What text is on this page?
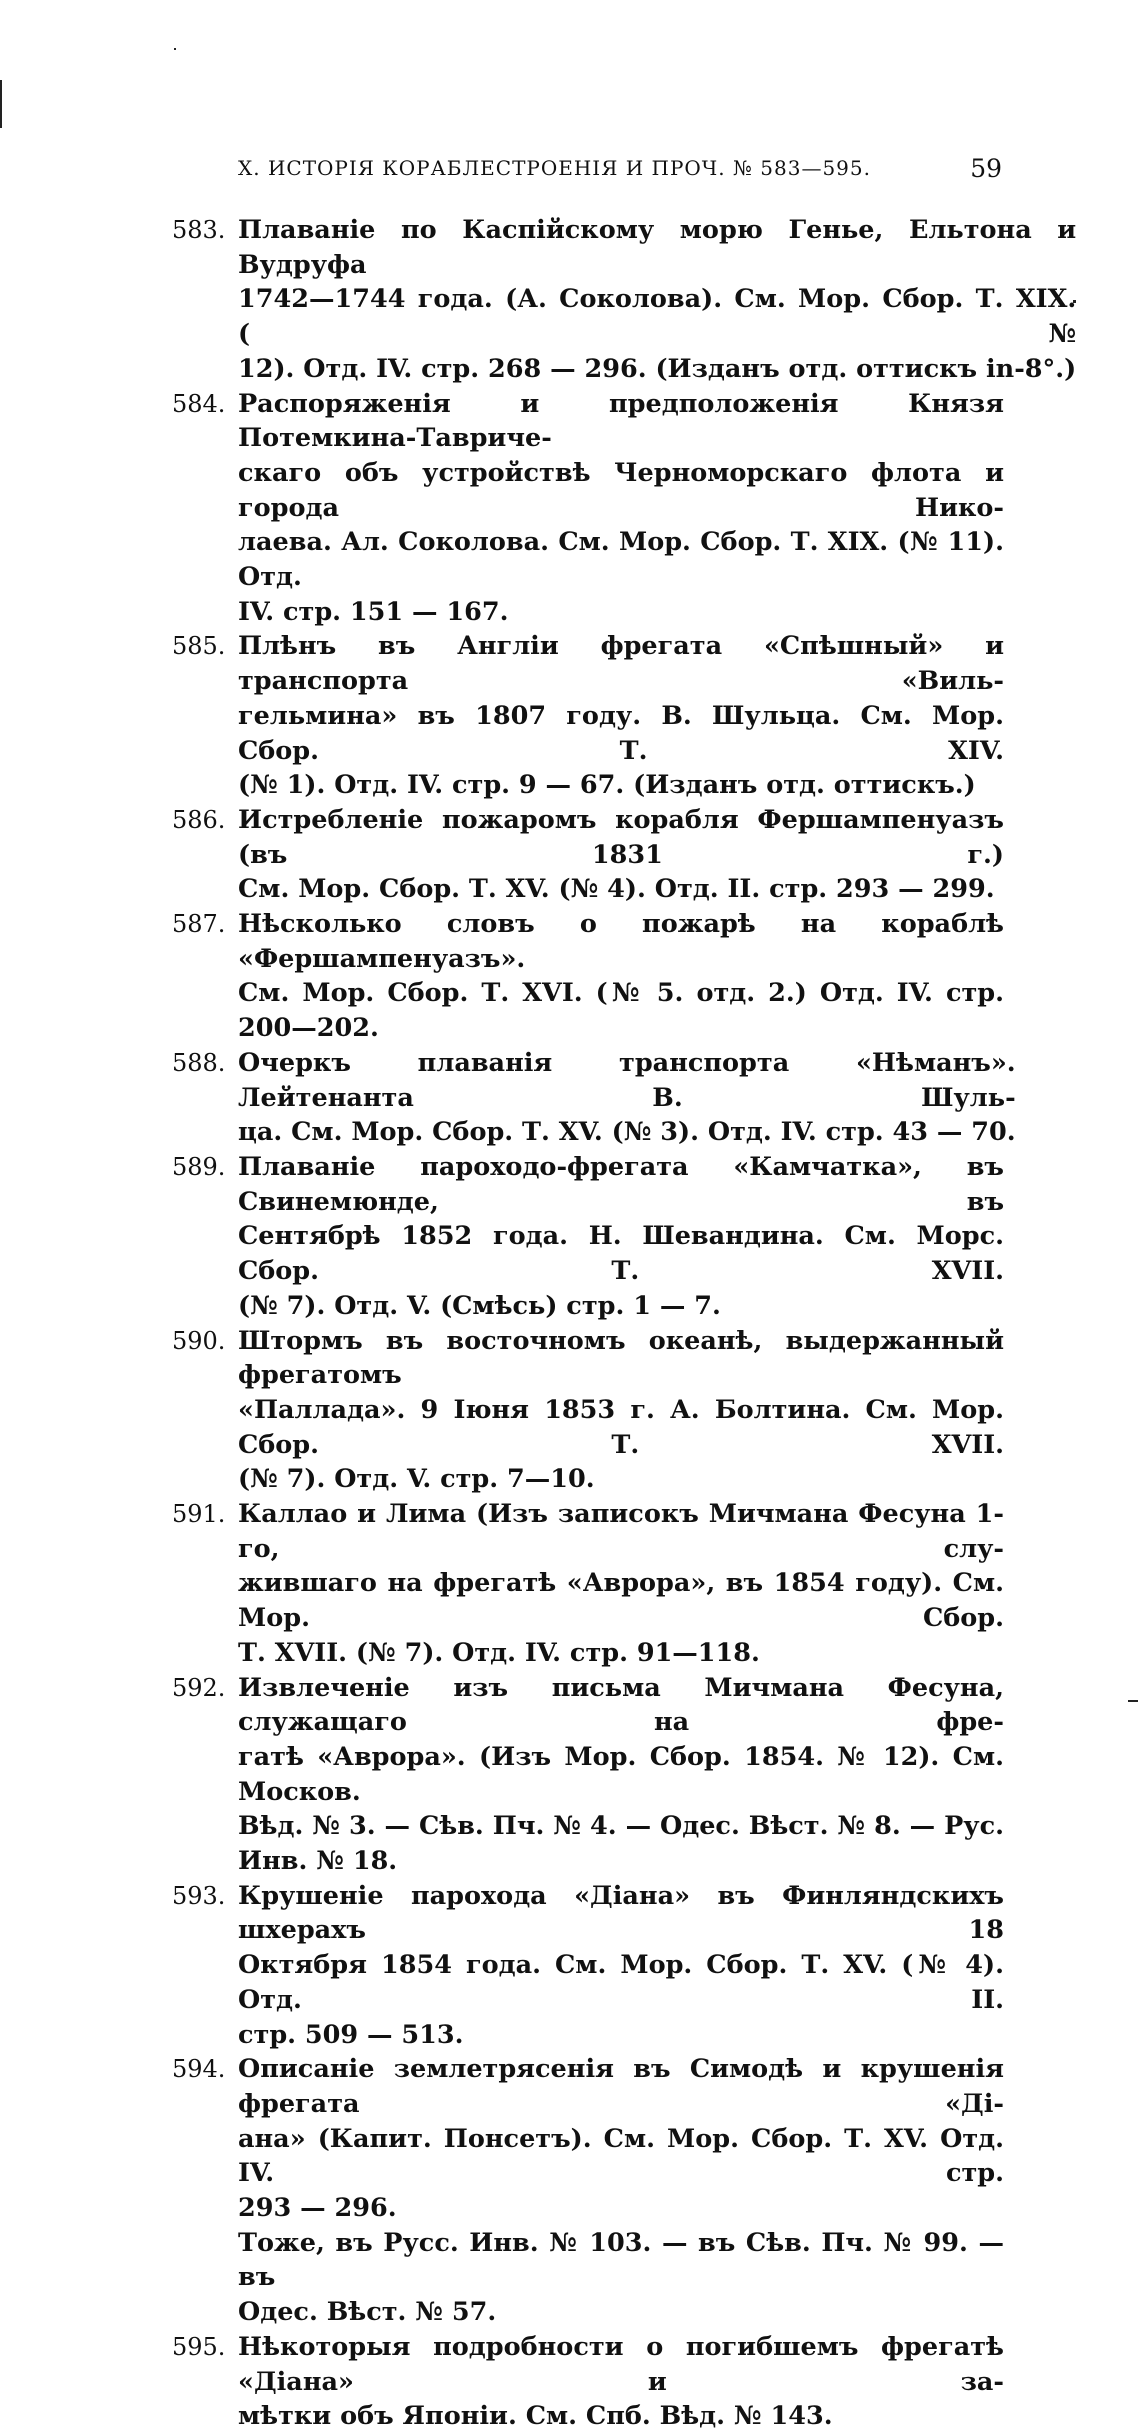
X. ИСТОРІЯ КОРАБЛЕСТРОЕНІЯ И ПРОЧ. № 583—595.	59
583. Плаваніе по Каспійскому морю Генье, Ельтона и Вудруфа
1742—1744 года. (А. Соколова). См. Мор. Сбор. Т. XIX. (№
12). Отд. IV. стр. 268 — 296. (Изданъ отд. оттискъ in-8°.)
584. Распоряженія и предположенія Князя Потемкина-Тавриче-
скаго объ устройствѣ Черноморскаго флота и города Нико-
лаева. Ал. Соколова. См. Мор. Сбор. Т. XIX. (№ 11). Отд.
IV. стр. 151 — 167.
585. Плѣнъ въ Англіи фрегата «Спѣшный» и транспорта «Виль-
гельмина» въ 1807 году. В. Шульца. См. Мор. Сбор. Т. XIV.
(№ 1). Отд. IV. стр. 9 — 67. (Изданъ отд. оттискъ.)
586. Истребленіе пожаромъ корабля Фершампенуазъ (въ 1831 г.)
См. Мор. Сбор. Т. XV. (№ 4). Отд. II. стр. 293 — 299.
587. Нѣсколько словъ о пожарѣ на кораблѣ «Фершампенуазъ».
См. Мор. Сбор. Т. XVI. (№ 5. отд. 2.) Отд. IV. стр. 200—202.
588. Очеркъ плаванія транспорта «Нѣманъ». Лейтенанта В. Шуль-
ца. См. Мор. Сбор. Т. XV. (№ 3). Отд. IV. стр. 43 — 70.
589. Плаваніе пароходо-фрегата «Камчатка», въ Свинемюнде, въ
Сентябрѣ 1852 года. Н. Шевандина. См. Морс. Сбор. Т. XVII.
(№ 7). Отд. V. (Смѣсь) стр. 1 — 7.
590. Штормъ въ восточномъ океанѣ, выдержанный фрегатомъ
«Паллада». 9 Іюня 1853 г. А. Болтина. См. Мор. Сбор. Т. XVII.
(№ 7). Отд. V. стр. 7—10.
591. Каллао и Лима (Изъ записокъ Мичмана Фесуна 1-го, слу-
жившаго на фрегатѣ «Аврора», въ 1854 году). См. Мор. Сбор.
Т. XVII. (№ 7). Отд. IV. стр. 91—118.
592. Извлеченіе изъ письма Мичмана Фесуна, служащаго на фре-
гатѣ «Аврора». (Изъ Мор. Сбор. 1854. № 12). См. Москов.
Вѣд. № 3. — Сѣв. Пч. № 4. — Одес. Вѣст. № 8. — Рус.
Инв. № 18.
593. Крушеніе парохода «Діана» въ Финляндскихъ шхерахъ 18
Октября 1854 года. См. Мор. Сбор. Т. XV. (№ 4). Отд. II.
стр. 509 — 513.
594. Описаніе землетрясенія въ Симодѣ и крушенія фрегата «Ді-
ана» (Капит. Понсетъ). См. Мор. Сбор. Т. XV. Отд. IV. стр.
293 — 296.
Тоже, въ Русс. Инв. № 103. — въ Сѣв. Пч. № 99. — въ
Одес. Вѣст. № 57.
595. Нѣкоторыя подробности о погибшемъ фрегатѣ «Діана» и за-
мѣтки объ Японіи. См. Спб. Вѣд. № 143.
